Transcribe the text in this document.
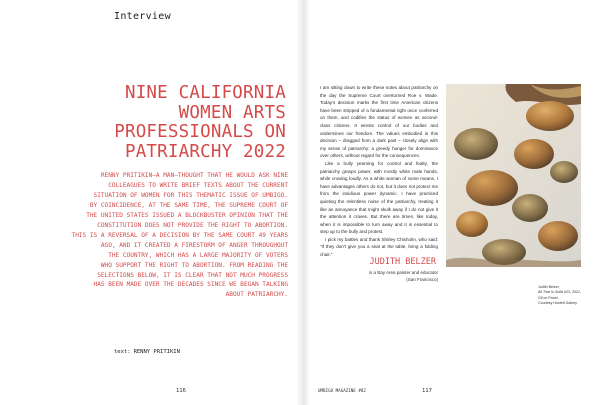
Interview
NINE CALIFORNIA
WOMEN ARTS
PROFESSIONALS ON
PATRIARCHY 2022

RENNY PRITIKIN—A MAN—THOUGHT THAT HE WOULD ASK NINE
COLLEAGUES TO WRITE BRIEF TEXTS ABOUT THE CURRENT
SITUATION OF WOMEN FOR THIS THEMATIC ISSUE OF UMBIGO.
BY COINCIDENCE, AT THE SAME TIME, THE SUPREME COURT OF
THE UNITED STATES ISSUED A BLOCKBUSTER OPINION THAT THE
CONSTITUTION DOES NOT PROVIDE THE RIGHT TO ABORTION.
THIS IS A REVERSAL OF A DECISION BY THE SAME COURT 49 YEARS
AGO, AND IT CREATED A FIRESTORM OF ANGER THROUGHOUT
THE COUNTRY, WHICH HAS A LARGE MAJORITY OF VOTERS
WHO SUPPORT THE RIGHT TO ABORTION. FROM READING THE
SELECTIONS BELOW, IT IS CLEAR THAT NOT MUCH PROGRESS
HAS BEEN MADE OVER THE DECADES SINCE WE BEGAN TALKING
ABOUT PATRIARCHY.

text: RENNY PRITIKIN
116

I am sitting down to write these notes about patriarchy on the day the Supreme Court overturned Roe v. Wade. Today's decision marks the first time American citizens have been stripped of a fundamental right once conferred on them, and codifies the status of women as second-class citizens. It wrests control of our bodies and undermines our freedom. The values embodied in this decision – dragged from a dark past – closely align with my sense of patriarchy: a greedy hunger for dominance over others, without regard for the consequences.

Like a bully yearning for control and fealty, the patriarchy grasps power, with mostly white male hands, while crowing loudly. As a white woman of some means, I have advantages others do not, but it does not protect me from the insidious power dynamic. I have practiced quieting the relentless noise of the patriarchy, treating it like an annoyance that might skulk away if I do not give it the attention it craves. But there are times, like today, when it is impossible to turn away and it is essential to step up to the bully and protest.

I pick my battles and thank Shirley Chisholm, who said: “If they don't give you a seat at the table, bring a folding chair.”

JUDITH BELZER
is a Bay Area painter and educator
(San Francisco)
Judith Belzer,
All That Is Solid #23, 2021.
Oil on Panel,
Courtesy Hosfelt Gallery
UMBIGO MAGAZINE #82	117
